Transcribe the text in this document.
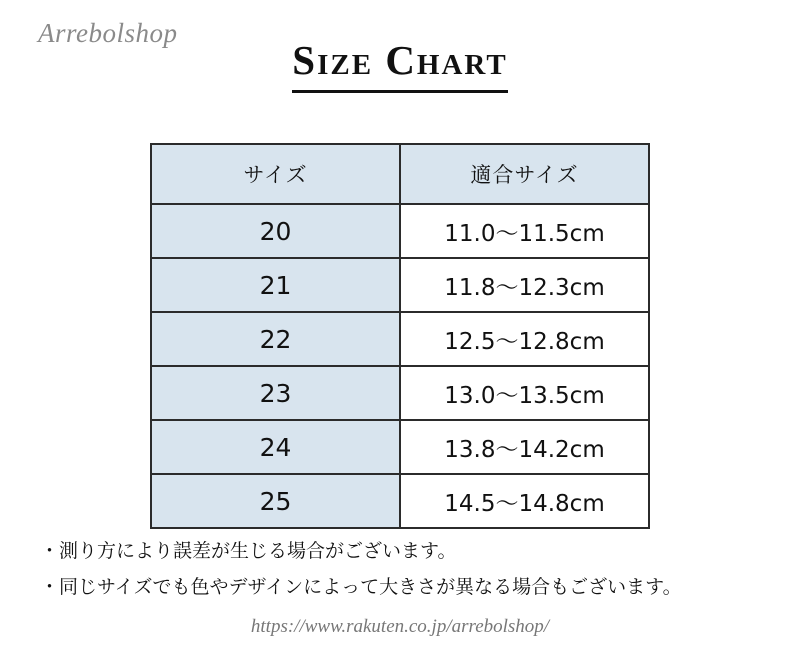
Arrebolshop
Size Chart
サイズ	適合サイズ
20	11.0〜11.5cm
21	11.8〜12.3cm
22	12.5〜12.8cm
23	13.0〜13.5cm
24	13.8〜14.2cm
25	14.5〜14.8cm
・測り方により誤差が生じる場合がございます。
・同じサイズでも色やデザインによって大きさが異なる場合もございます。
https://www.rakuten.co.jp/arrebolshop/
